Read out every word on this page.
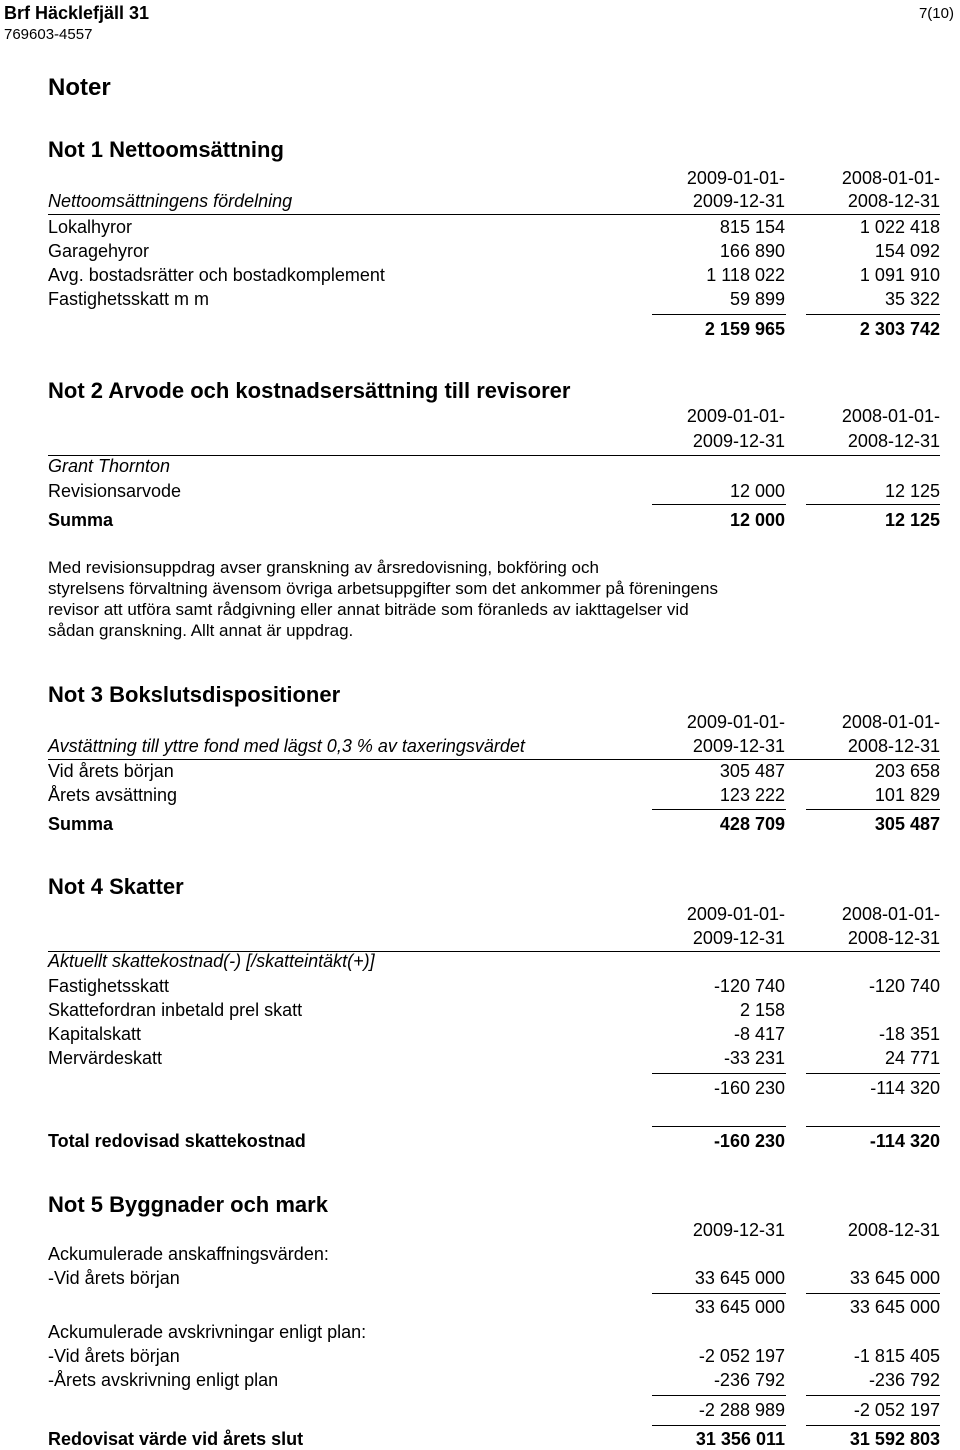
Brf Häcklefjäll 31
769603-4557
7(10)
Noter
Not 1 Nettoomsättning
2009-01-01-	2008-01-01-
Nettoomsättningens fördelning	2009-12-31	2008-12-31
Lokalhyror	815 154	1 022 418
Garagehyror	166 890	154 092
Avg. bostadsrätter och bostadkomplement	1 118 022	1 091 910
Fastighetsskatt m m	59 899	35 322
2 159 965	2 303 742
Not 2 Arvode och kostnadsersättning till revisorer
2009-01-01-	2008-01-01-
2009-12-31	2008-12-31
Grant Thornton
Revisionsarvode	12 000	12 125
Summa	12 000	12 125
Med revisionsuppdrag avser granskning av årsredovisning, bokföring och
styrelsens förvaltning ävensom övriga arbetsuppgifter som det ankommer på föreningens
revisor att utföra samt rådgivning eller annat biträde som föranleds av iakttagelser vid
sådan granskning. Allt annat är uppdrag.
Not 3 Bokslutsdispositioner
2009-01-01-	2008-01-01-
Avstättning till yttre fond med lägst 0,3 % av taxeringsvärdet	2009-12-31	2008-12-31
Vid årets början	305 487	203 658
Årets avsättning	123 222	101 829
Summa	428 709	305 487
Not 4 Skatter
2009-01-01-	2008-01-01-
2009-12-31	2008-12-31
Aktuellt skattekostnad(-) [/skatteintäkt(+)]
Fastighetsskatt	-120 740	-120 740
Skattefordran inbetald prel skatt	2 158
Kapitalskatt	-8 417	-18 351
Mervärdeskatt	-33 231	24 771
-160 230	-114 320
Total redovisad skattekostnad	-160 230	-114 320
Not 5 Byggnader och mark
2009-12-31	2008-12-31
Ackumulerade anskaffningsvärden:
-Vid årets början	33 645 000	33 645 000
33 645 000	33 645 000
Ackumulerade avskrivningar enligt plan:
-Vid årets början	-2 052 197	-1 815 405
-Årets avskrivning enligt plan	-236 792	-236 792
-2 288 989	-2 052 197
Redovisat värde vid årets slut	31 356 011	31 592 803
